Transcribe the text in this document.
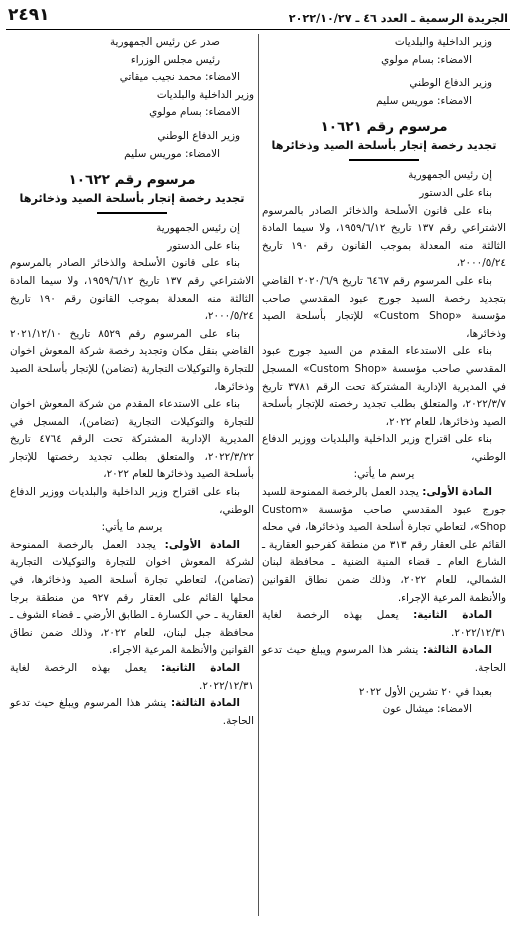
الجريدة الرسمية ـ العدد ٤٦ ـ ٢٠٢٢/١٠/٢٧
٢٤٩١

وزير الداخلية والبلديات

الامضاء: بسام مولوي

وزير الدفاع الوطني

الامضاء: موريس سليم

مرسوم رقم ١٠٦٢١
تجديد رخصة إتجار بأسلحة الصيد وذخائرها

إن رئيس الجمهورية

بناء على الدستور

بناء على قانون الأسلحة والذخائر الصادر بالمرسوم الاشتراعي رقم ١٣٧ تاريخ ١٩٥٩/٦/١٢، ولا سيما المادة الثالثة منه المعدلة بموجب القانون رقم ١٩٠ تاريخ ٢٠٠٠/٥/٢٤،

بناء على المرسوم رقم ٦٤٦٧ تاريخ ٢٠٢٠/٦/٩ القاضي بتجديد رخصة السيد جورج عبود المقدسي صاحب مؤسسة «Custom Shop» للإتجار بأسلحة الصيد وذخائرها،

بناء على الاستدعاء المقدم من السيد جورج عبود المقدسي صاحب مؤسسة «Custom Shop» المسجل في المديرية الإدارية المشتركة تحت الرقم ٣٧٨١ تاريخ ٢٠٢٢/٣/٧، والمتعلق بطلب تجديد رخصته للإتجار بأسلحة الصيد وذخائرها، للعام ٢٠٢٢،

بناء على اقتراح وزير الداخلية والبلديات ووزير الدفاع الوطني،

يرسم ما يأتي:

المادة الأولى: يجدد العمل بالرخصة الممنوحة للسيد جورج عبود المقدسي صاحب مؤسسة «Custom Shop»، لتعاطي تجارة أسلحة الصيد وذخائرها، في محله القائم على العقار رقم ٣١٣ من منطقة كفرحبو العقارية ـ الشارع العام ـ قضاء المنية الضنية ـ محافظة لبنان الشمالي، للعام ٢٠٢٢، وذلك ضمن نطاق القوانين والأنظمة المرعية الإجراء.

المادة الثانية: يعمل بهذه الرخصة لغاية ٢٠٢٢/١٢/٣١.

المادة الثالثة: ينشر هذا المرسوم ويبلغ حيث تدعو الحاجة.

بعبدا في ٢٠ تشرين الأول ٢٠٢٢

الامضاء: ميشال عون

صدر عن رئيس الجمهورية

رئيس مجلس الوزراء

الامضاء: محمد نجيب ميقاتي

وزير الداخلية والبلديات

الامضاء: بسام مولوي

وزير الدفاع الوطني

الامضاء: موريس سليم

مرسوم رقم ١٠٦٢٢
تجديد رخصة إتجار بأسلحة الصيد وذخائرها

إن رئيس الجمهورية

بناء على الدستور

بناء على قانون الأسلحة والذخائر الصادر بالمرسوم الاشتراعي رقم ١٣٧ تاريخ ١٩٥٩/٦/١٢، ولا سيما المادة الثالثة منه المعدلة بموجب القانون رقم ١٩٠ تاريخ ٢٠٠٠/٥/٢٤،

بناء على المرسوم رقم ٨٥٢٩ تاريخ ٢٠٢١/١٢/١٠ القاضي بنقل مكان وتجديد رخصة شركة المعوش اخوان للتجارة والتوكيلات التجارية (تضامن) للإتجار بأسلحة الصيد وذخائرها،

بناء على الاستدعاء المقدم من شركة المعوش اخوان للتجارة والتوكيلات التجارية (تضامن)، المسجل في المديرية الإدارية المشتركة تحت الرقم ٤٧٦٤ تاريخ ٢٠٢٢/٣/٢٢، والمتعلق بطلب تجديد رخصتها للإتجار بأسلحة الصيد وذخائرها للعام ٢٠٢٢،

بناء على اقتراح وزير الداخلية والبلديات ووزير الدفاع الوطني،

يرسم ما يأتي:

المادة الأولى: يجدد العمل بالرخصة الممنوحة لشركة المعوش اخوان للتجارة والتوكيلات التجارية (تضامن)، لتعاطي تجارة أسلحة الصيد وذخائرها، في محلها القائم على العقار رقم ٩٢٧ من منطقة برجا العقارية ـ حي الكسارة ـ الطابق الأرضي ـ قضاء الشوف ـ محافظة جبل لبنان، للعام ٢٠٢٢، وذلك ضمن نطاق القوانين والأنظمة المرعية الاجراء.

المادة الثانية: يعمل بهذه الرخصة لغاية ٢٠٢٢/١٢/٣١.

المادة الثالثة: ينشر هذا المرسوم ويبلغ حيث تدعو الحاجة.
